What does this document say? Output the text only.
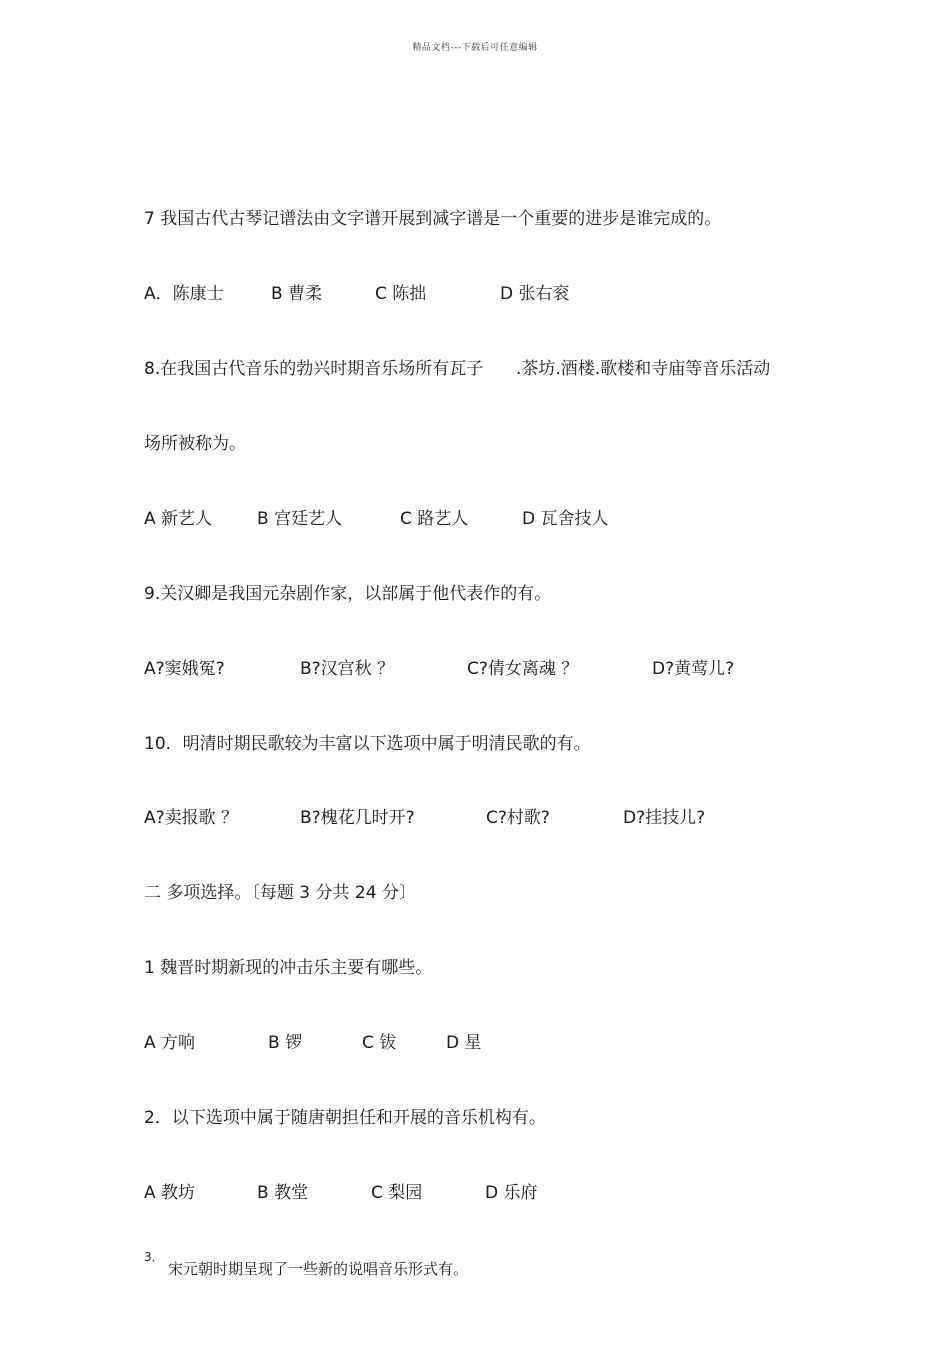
精品文档---下载后可任意编辑
7 我国古代古琴记谱法由文字谱开展到减字谱是一个重要的进步是谁完成的。
A．陈康士	B 曹柔	C 陈拙	D 张右衮
8.在我国古代音乐的勃兴时期音乐场所有瓦子 .茶坊.酒楼.歌楼和寺庙等音乐活动
场所被称为。
A 新艺人	B 宫廷艺人	C 路艺人	D 瓦舍技人
9.关汉卿是我国元杂剧作家，以部属于他代表作的有。
A?窦娥冤?	B?汉宫秋 ？	C?倩女离魂 ？	D?黄莺儿?
10．明清时期民歌较为丰富以下选项中属于明清民歌的有。
A?卖报歌 ？	B?槐花几时开?	C?村歌?	D?挂技儿?
二 多项选择。〔每题 3 分共 24 分〕
1 魏晋时期新现的冲击乐主要有哪些。
A 方响	B 锣	C 钹	D 星
2．以下选项中属于随唐朝担任和开展的音乐机构有。
A 教坊	B 教堂	C 梨园	D 乐府
3．
宋元朝时期呈现了一些新的说唱音乐形式有。
